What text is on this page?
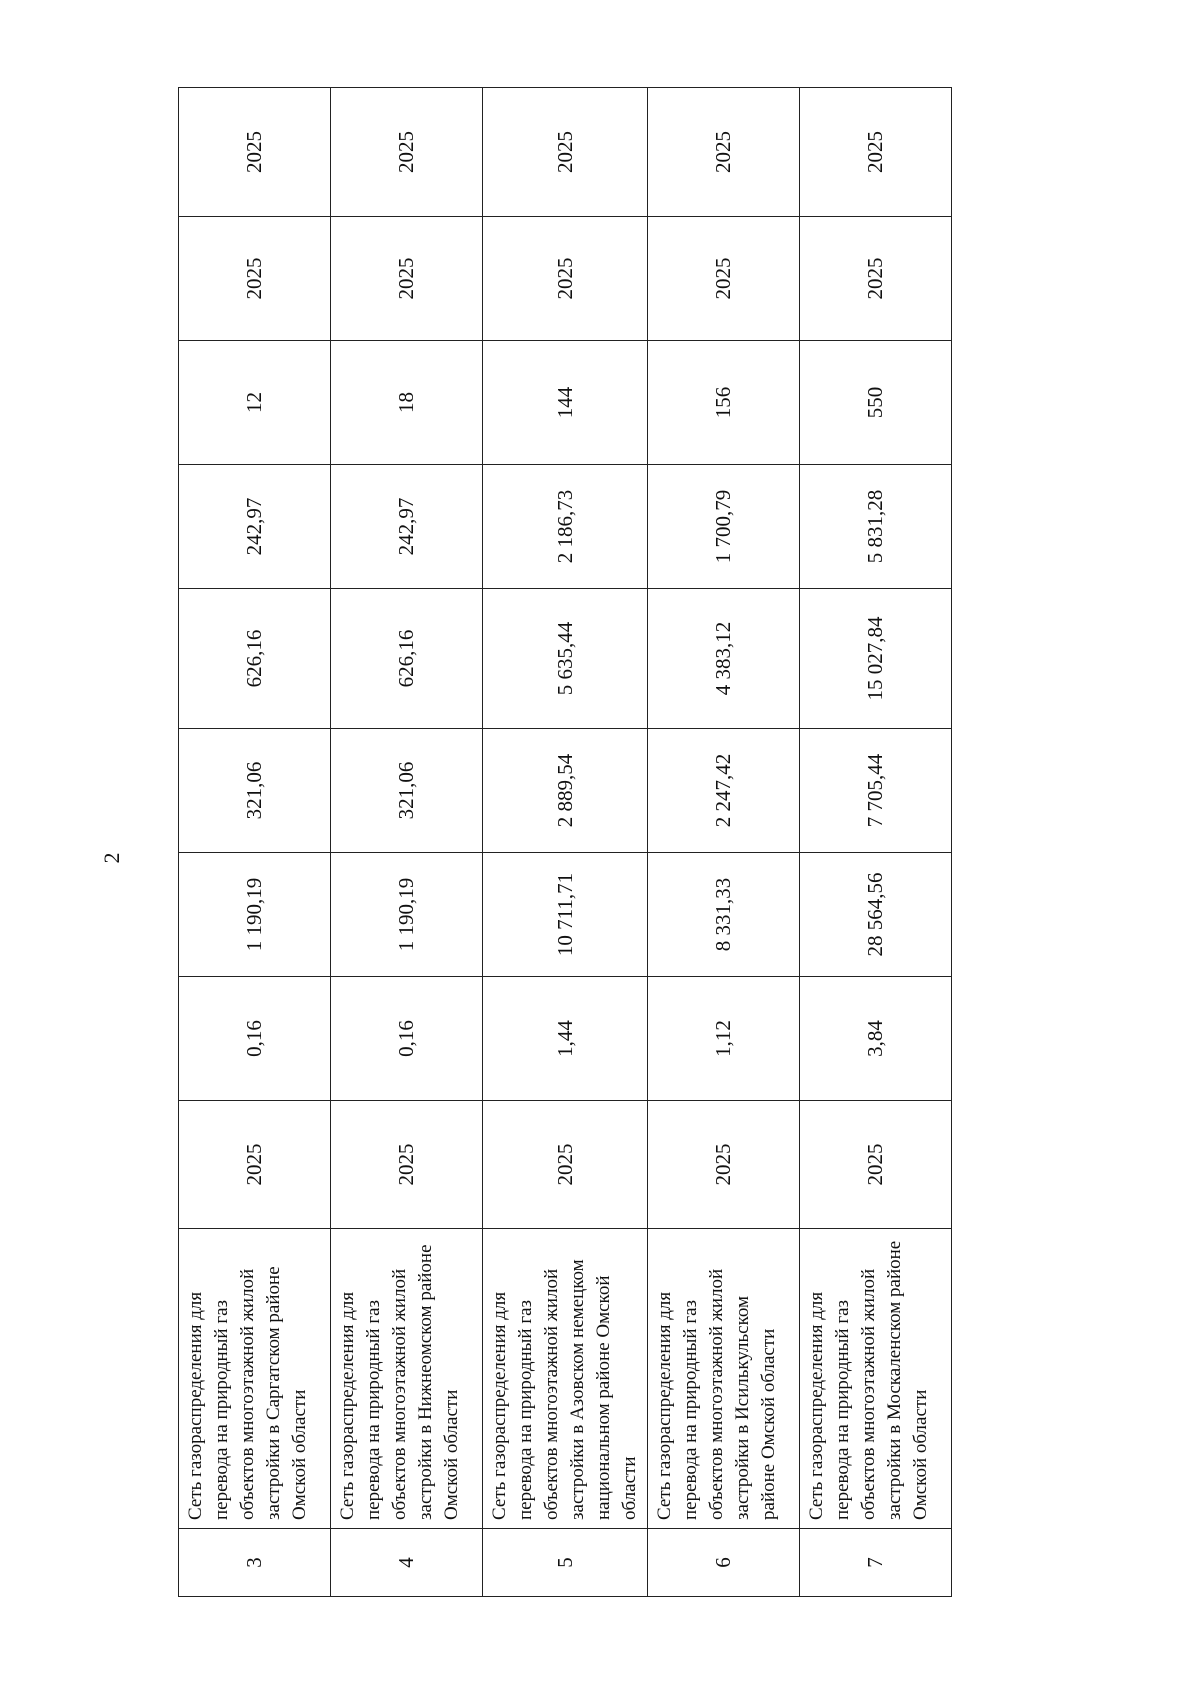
2
3	Сеть газораспределения для перевода на природный газ объектов многоэтажной жилой застройки в Саргатском районе Омской области	2025	0,16	1 190,19	321,06	626,16	242,97	12	2025	2025
4	Сеть газораспределения для перевода на природный газ объектов многоэтажной жилой застройки в Нижнеомском районе Омской области	2025	0,16	1 190,19	321,06	626,16	242,97	18	2025	2025
5	Сеть газораспределения для перевода на природный газ объектов многоэтажной жилой застройки в Азовском немецком национальном районе Омской области	2025	1,44	10 711,71	2 889,54	5 635,44	2 186,73	144	2025	2025
6	Сеть газораспределения для перевода на природный газ объектов многоэтажной жилой застройки в Исилькульском районе Омской области	2025	1,12	8 331,33	2 247,42	4 383,12	1 700,79	156	2025	2025
7	Сеть газораспределения для перевода на природный газ объектов многоэтажной жилой застройки в Москаленском районе Омской области	2025	3,84	28 564,56	7 705,44	15 027,84	5 831,28	550	2025	2025
